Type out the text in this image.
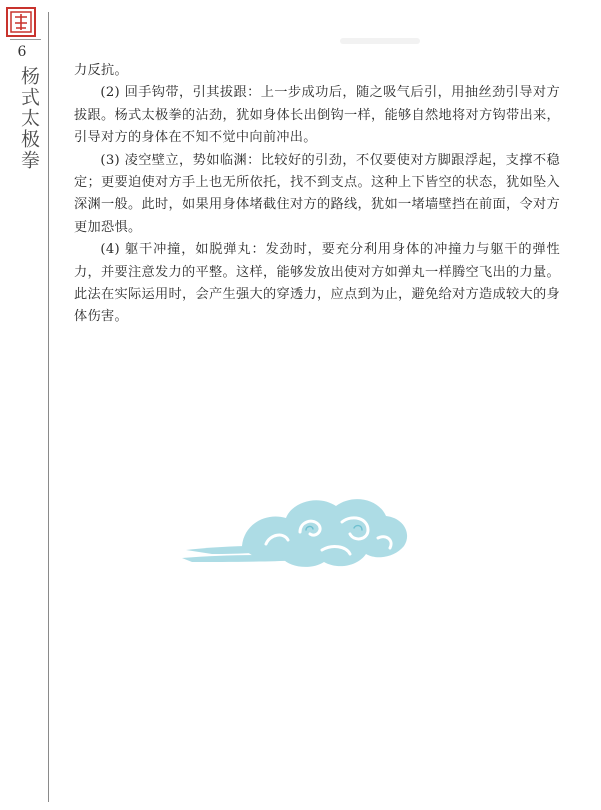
6
杨式太极拳	力反抗。

(2) 回手钩带，引其拔跟：上一步成功后，随之吸气后引，用抽丝劲引导对方拔跟。杨式太极拳的沾劲，犹如身体长出倒钩一样，能够自然地将对方钩带出来，引导对方的身体在不知不觉中向前冲出。

(3) 凌空壁立，势如临渊：比较好的引劲，不仅要使对方脚跟浮起，支撑不稳定；更要迫使对方手上也无所依托，找不到支点。这种上下皆空的状态，犹如坠入深渊一般。此时，如果用身体堵截住对方的路线，犹如一堵墙壁挡在前面，令对方更加恐惧。

(4) 躯干冲撞，如脱弹丸：发劲时，要充分利用身体的冲撞力与躯干的弹性力，并要注意发力的平整。这样，能够发放出使对方如弹丸一样腾空飞出的力量。此法在实际运用时，会产生强大的穿透力，应点到为止，避免给对方造成较大的身体伤害。
